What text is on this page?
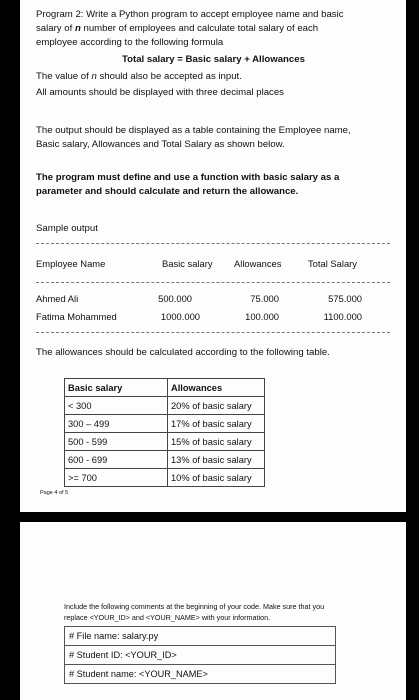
Program 2: Write a Python program to accept employee name and basic
salary of n number of employees and calculate total salary of each
employee according to the following formula
Total salary = Basic salary + Allowances
The value of n should also be accepted as input.
All amounts should be displayed with three decimal places
The output should be displayed as a table containing the Employee name,
Basic salary, Allowances and Total Salary as shown below.
The program must define and use a function with basic salary as a
parameter and should calculate and return the allowance.
Sample output
Employee Name	Basic salary Allowances	Total Salary
Ahmed Ali	500.000	75.000	575.000
Fatima Mohammed	1000.000	100.000	1100.000
The allowances should be calculated according to the following table.
Basic salary	Allowances
< 300	20% of basic salary
300 – 499	17% of basic salary
500 - 599	15% of basic salary
600 - 699	13% of basic salary
>= 700	10% of basic salary
Page 4 of 5
Include the following comments at the beginning of your code. Make sure that you
replace <YOUR_ID> and <YOUR_NAME> with your information.
# File name: salary.py
# Student ID: <YOUR_ID>
# Student name: <YOUR_NAME>
